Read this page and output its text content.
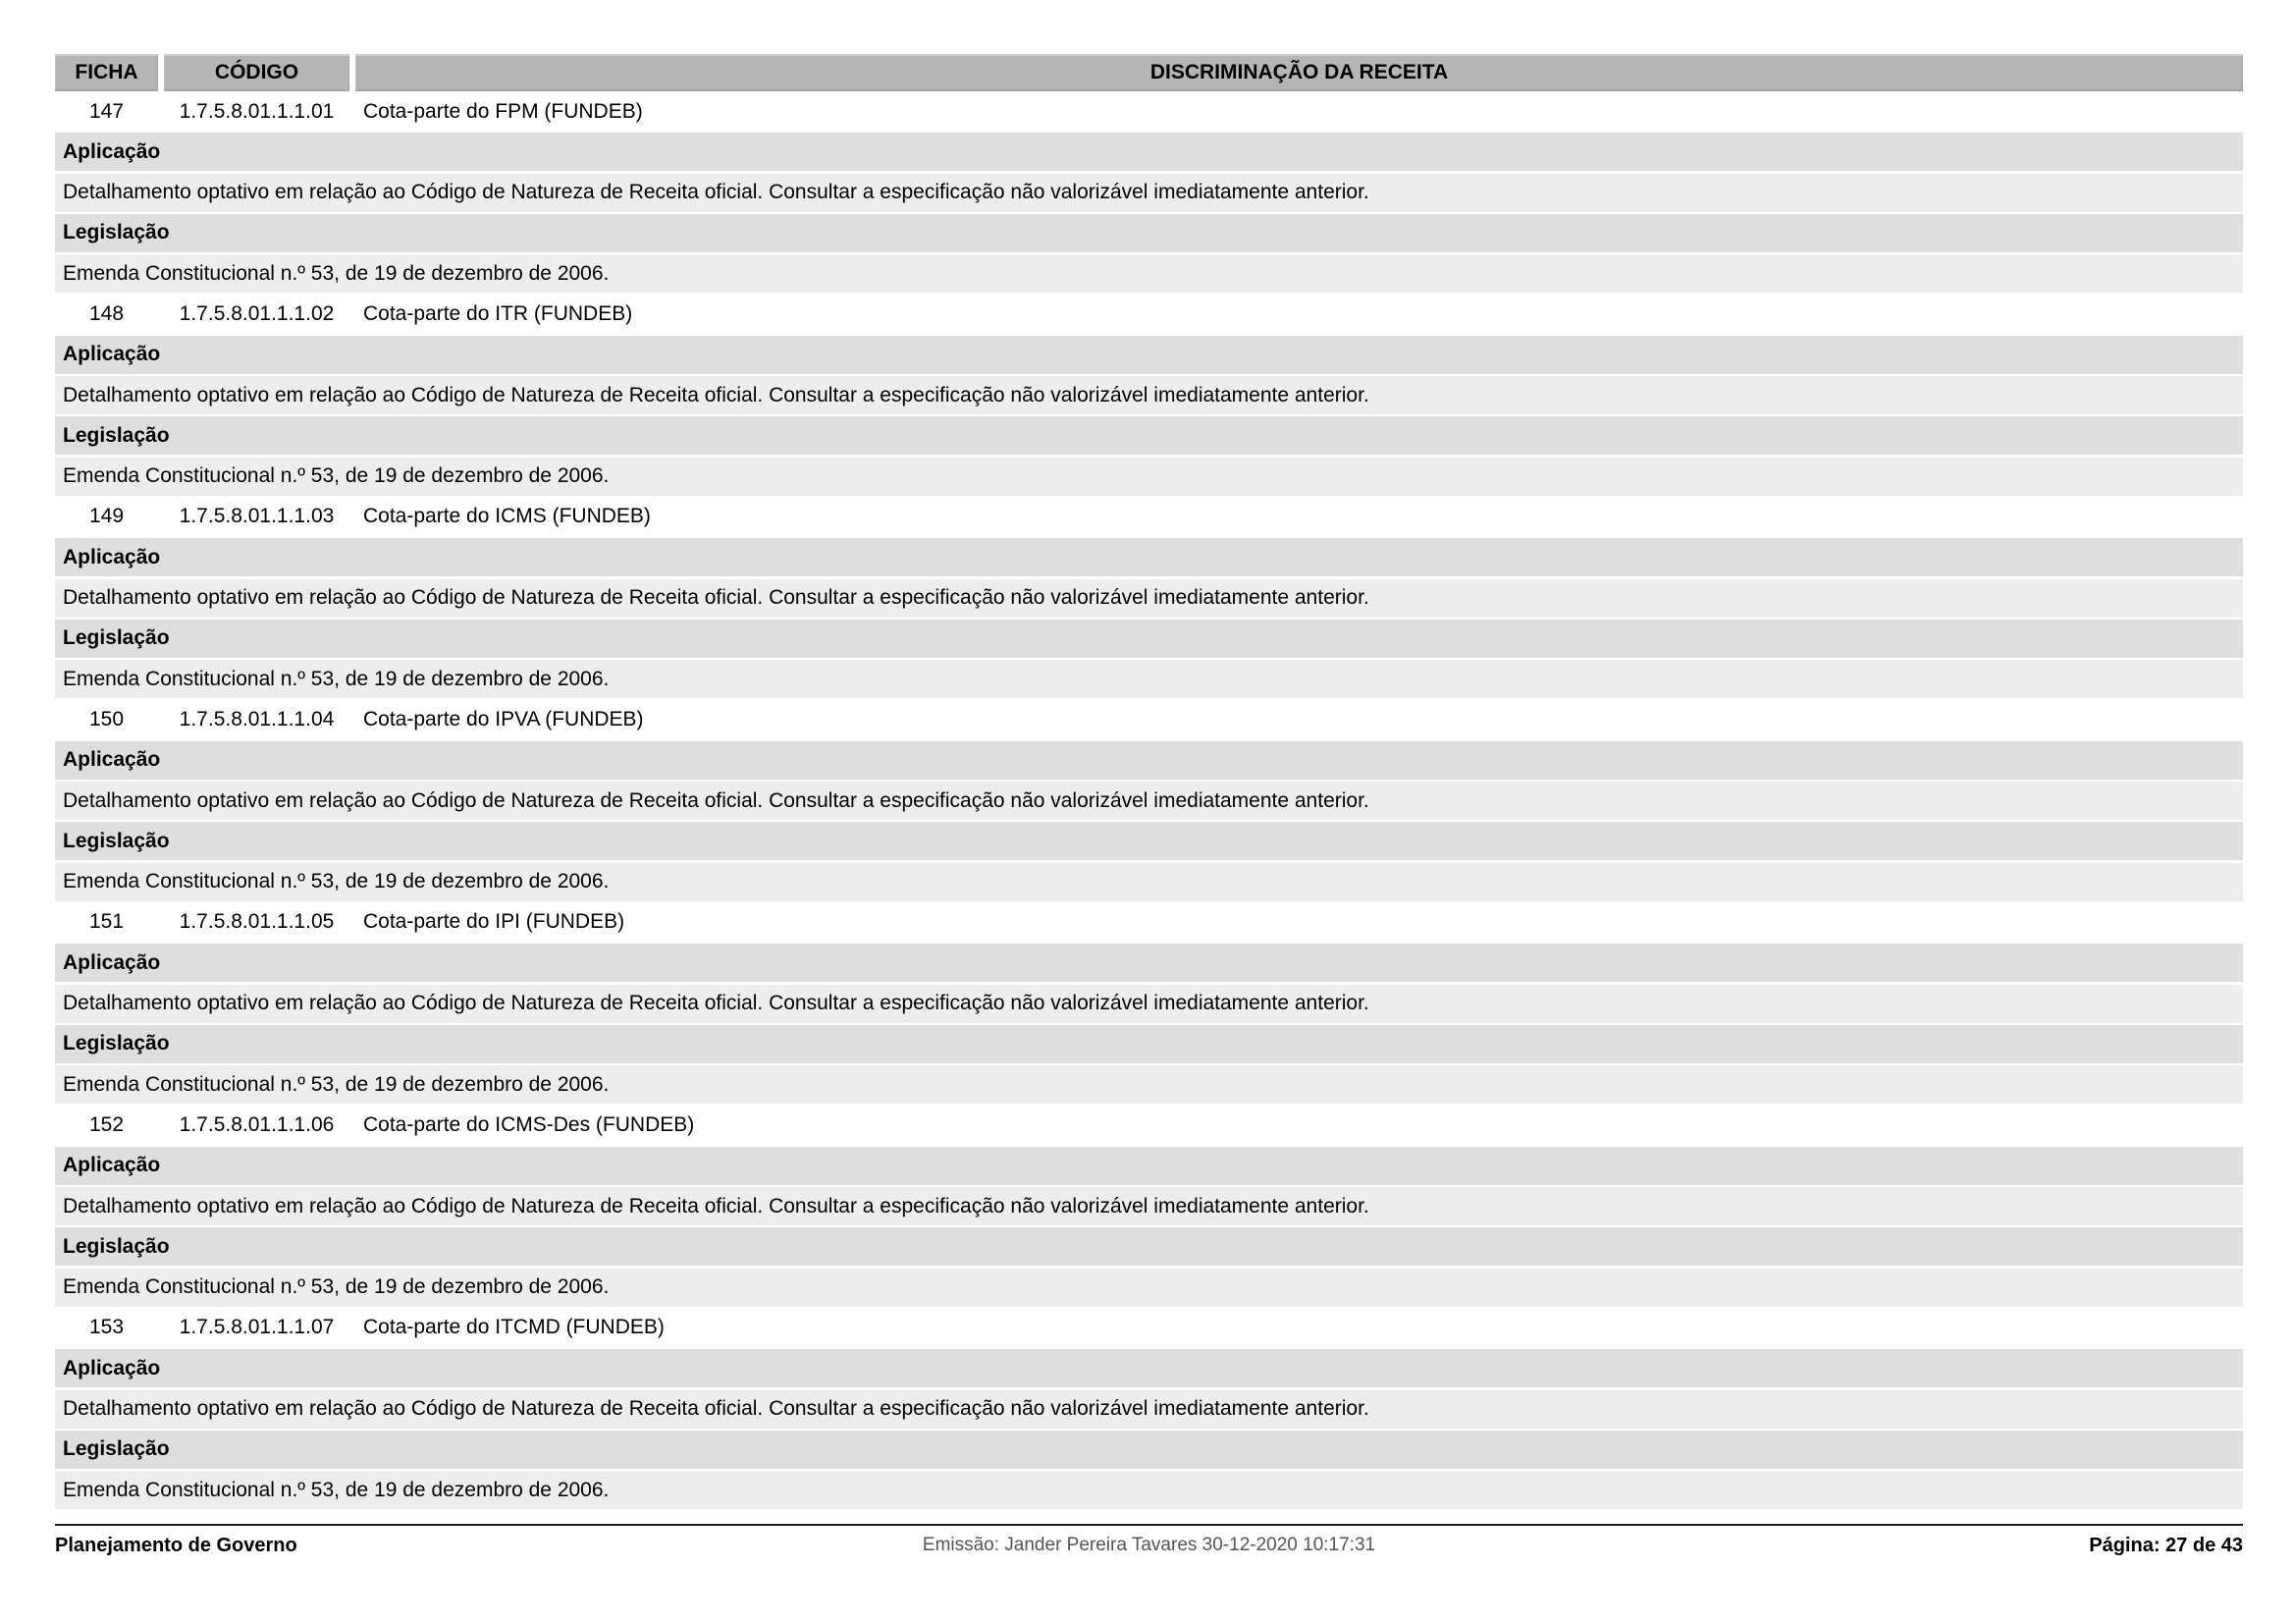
FICHA	CÓDIGO	DISCRIMINAÇÃO DA RECEITA
147	1.7.5.8.01.1.1.01	Cota-parte do FPM (FUNDEB)
Aplicação
Detalhamento optativo em relação ao Código de Natureza de Receita oficial. Consultar a especificação não valorizável imediatamente anterior.
Legislação
Emenda Constitucional n.º 53, de 19 de dezembro de 2006.
148	1.7.5.8.01.1.1.02	Cota-parte do ITR (FUNDEB)
Aplicação
Detalhamento optativo em relação ao Código de Natureza de Receita oficial. Consultar a especificação não valorizável imediatamente anterior.
Legislação
Emenda Constitucional n.º 53, de 19 de dezembro de 2006.
149	1.7.5.8.01.1.1.03	Cota-parte do ICMS (FUNDEB)
Aplicação
Detalhamento optativo em relação ao Código de Natureza de Receita oficial. Consultar a especificação não valorizável imediatamente anterior.
Legislação
Emenda Constitucional n.º 53, de 19 de dezembro de 2006.
150	1.7.5.8.01.1.1.04	Cota-parte do IPVA (FUNDEB)
Aplicação
Detalhamento optativo em relação ao Código de Natureza de Receita oficial. Consultar a especificação não valorizável imediatamente anterior.
Legislação
Emenda Constitucional n.º 53, de 19 de dezembro de 2006.
151	1.7.5.8.01.1.1.05	Cota-parte do IPI (FUNDEB)
Aplicação
Detalhamento optativo em relação ao Código de Natureza de Receita oficial. Consultar a especificação não valorizável imediatamente anterior.
Legislação
Emenda Constitucional n.º 53, de 19 de dezembro de 2006.
152	1.7.5.8.01.1.1.06	Cota-parte do ICMS-Des (FUNDEB)
Aplicação
Detalhamento optativo em relação ao Código de Natureza de Receita oficial. Consultar a especificação não valorizável imediatamente anterior.
Legislação
Emenda Constitucional n.º 53, de 19 de dezembro de 2006.
153	1.7.5.8.01.1.1.07	Cota-parte do ITCMD (FUNDEB)
Aplicação
Detalhamento optativo em relação ao Código de Natureza de Receita oficial. Consultar a especificação não valorizável imediatamente anterior.
Legislação
Emenda Constitucional n.º 53, de 19 de dezembro de 2006.
Planejamento de Governo	Emissão: Jander Pereira Tavares 30-12-2020 10:17:31	Página: 27 de 43
